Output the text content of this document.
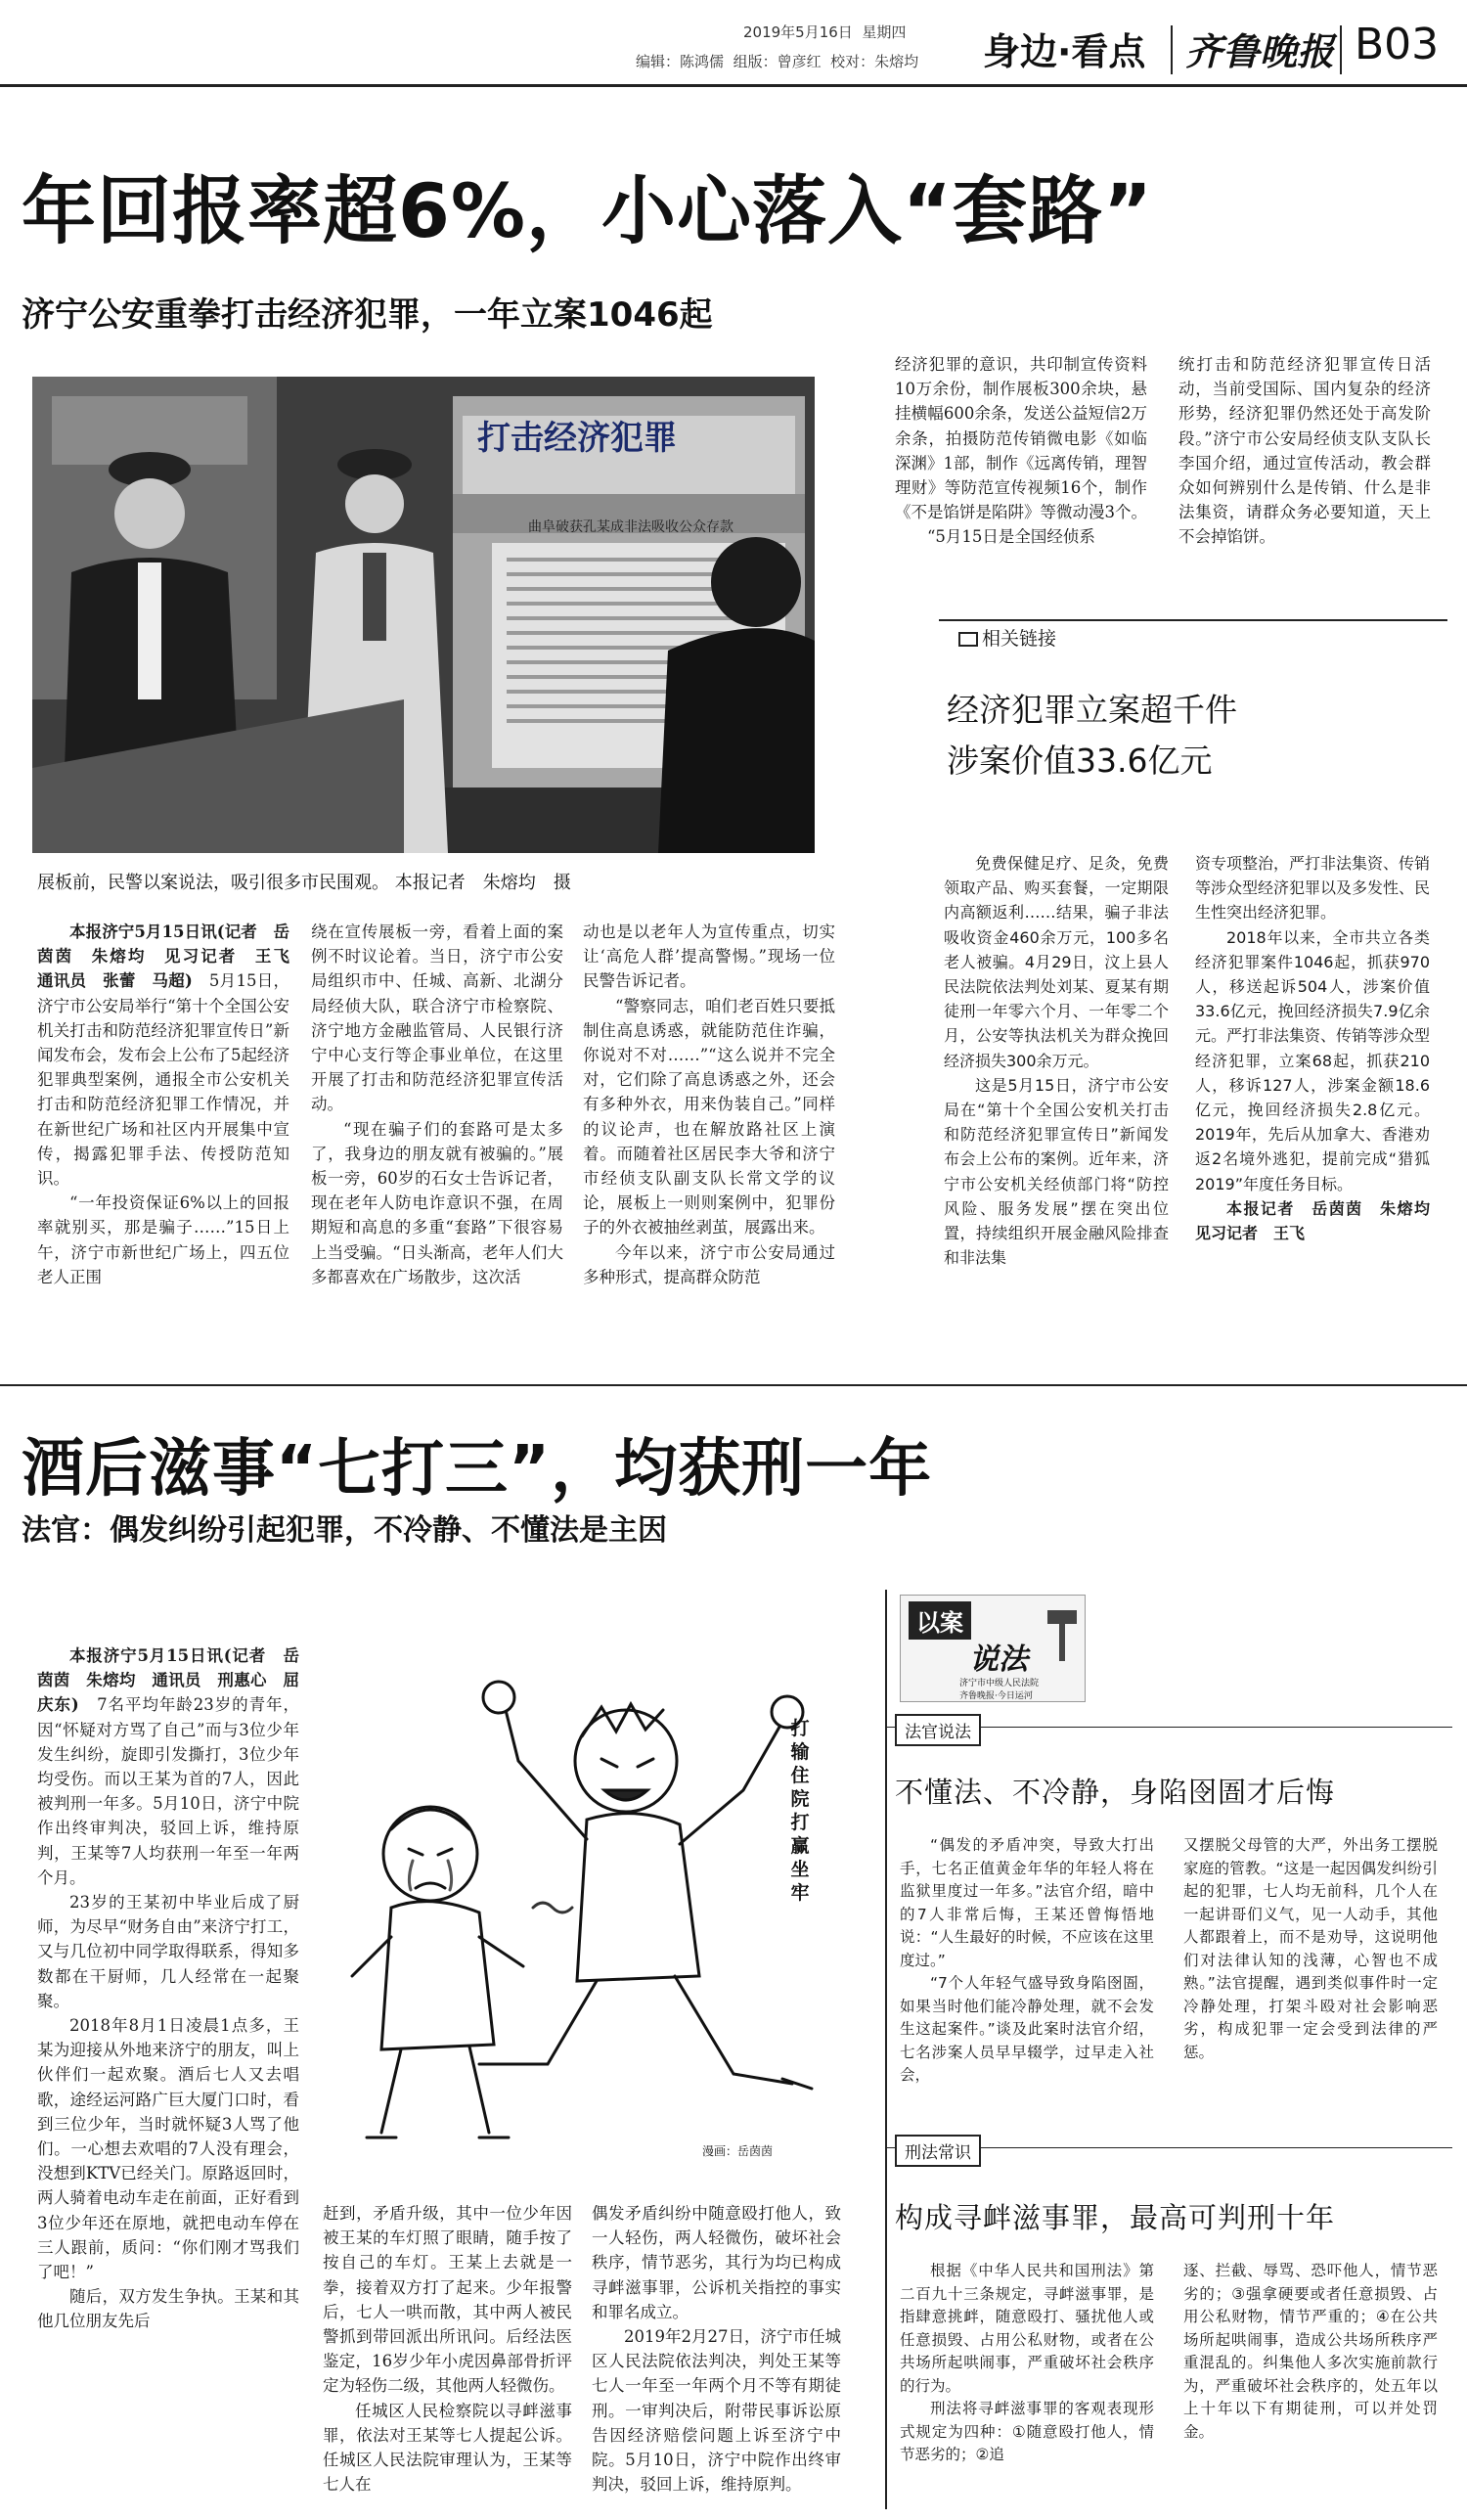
2019年5月16日 星期四
编辑：陈鸿儒 组版：曾彦红 校对：朱熔均 身边·看点 齐鲁晚报 B03
年回报率超6%，小心落入“套路”
济宁公安重拳打击经济犯罪，一年立案1046起
打击经济犯罪
曲阜破获孔某成非法吸收公众存款
展板前，民警以案说法，吸引很多市民围观。 本报记者　朱熔均　摄

本报济宁5月15日讯(记者　岳茵茵　朱熔均　见习记者　王飞　通讯员　张蕾　马超)　 5月15日，济宁市公安局举行“第十个全国公安机关打击和防范经济犯罪宣传日”新闻发布会，发布会上公布了5起经济犯罪典型案例，通报全市公安机关打击和防范经济犯罪工作情况，并在新世纪广场和社区内开展集中宣传，揭露犯罪手法、传授防范知识。

“一年投资保证6%以上的回报率就别买，那是骗子……”15日上午，济宁市新世纪广场上，四五位老人正围

绕在宣传展板一旁，看着上面的案例不时议论着。当日，济宁市公安局组织市中、任城、高新、北湖分局经侦大队，联合济宁市检察院、济宁地方金融监管局、人民银行济宁中心支行等企事业单位，在这里开展了打击和防范经济犯罪宣传活动。

“现在骗子们的套路可是太多了，我身边的朋友就有被骗的。”展板一旁，60岁的石女士告诉记者，现在老年人防电诈意识不强，在周期短和高息的多重“套路”下很容易上当受骗。“日头渐高，老年人们大多都喜欢在广场散步，这次活

动也是以老年人为宣传重点，切实让‘高危人群’提高警惕。”现场一位民警告诉记者。

“警察同志，咱们老百姓只要抵制住高息诱惑，就能防范住诈骗，你说对不对……”“这么说并不完全对，它们除了高息诱惑之外，还会有多种外衣，用来伪装自己。”同样的议论声，也在解放路社区上演着。而随着社区居民李大爷和济宁市经侦支队副支队长常文学的议论，展板上一则则案例中，犯罪份子的外衣被抽丝剥茧，展露出来。

今年以来，济宁市公安局通过多种形式，提高群众防范

经济犯罪的意识，共印制宣传资料10万余份，制作展板300余块，悬挂横幅600余条，发送公益短信2万余条，拍摄防范传销微电影《如临深渊》1部，制作《远离传销，理智理财》等防范宣传视频16个，制作《不是馅饼是陷阱》等微动漫3个。

“5月15日是全国经侦系

统打击和防范经济犯罪宣传日活动，当前受国际、国内复杂的经济形势，经济犯罪仍然还处于高发阶段。”济宁市公安局经侦支队支队长李国介绍，通过宣传活动，教会群众如何辨别什么是传销、什么是非法集资，请群众务必要知道，天上不会掉馅饼。

相关链接
经济犯罪立案超千件
涉案价值33.6亿元

免费保健足疗、足灸，免费领取产品、购买套餐，一定期限内高额返利……结果，骗子非法吸收资金460余万元，100多名老人被骗。4月29日，汶上县人民法院依法判处刘某、夏某有期徒刑一年零六个月、一年零二个月，公安等执法机关为群众挽回经济损失300余万元。

这是5月15日，济宁市公安局在“第十个全国公安机关打击和防范经济犯罪宣传日”新闻发布会上公布的案例。近年来，济宁市公安机关经侦部门将“防控风险、服务发展”摆在突出位置，持续组织开展金融风险排查和非法集

资专项整治，严打非法集资、传销等涉众型经济犯罪以及多发性、民生性突出经济犯罪。

2018年以来，全市共立各类经济犯罪案件1046起，抓获970人，移送起诉504人，涉案价值33.6亿元，挽回经济损失7.9亿余元。严打非法集资、传销等涉众型经济犯罪，立案68起，抓获210人，移诉127人，涉案金额18.6亿元，挽回经济损失2.8亿元。2019年，先后从加拿大、香港劝返2名境外逃犯，提前完成“猎狐2019”年度任务目标。

本报记者　岳茵茵　朱熔均　见习记者　王飞

酒后滋事“七打三”，均获刑一年
法官：偶发纠纷引起犯罪，不冷静、不懂法是主因
打输住院　打赢坐牢
漫画：岳茵茵

本报济宁5月15日讯(记者　岳茵茵　朱熔均　通讯员　刑惠心　屈庆东)　 7名平均年龄23岁的青年，因“怀疑对方骂了自己”而与3位少年发生纠纷，旋即引发撕打，3位少年均受伤。而以王某为首的7人，因此被判刑一年多。5月10日，济宁中院作出终审判决，驳回上诉，维持原判，王某等7人均获刑一年至一年两个月。

23岁的王某初中毕业后成了厨师，为尽早“财务自由”来济宁打工，又与几位初中同学取得联系，得知多数都在干厨师，几人经常在一起聚聚。

2018年8月1日凌晨1点多，王某为迎接从外地来济宁的朋友，叫上伙伴们一起欢聚。酒后七人又去唱歌，途经运河路广巨大厦门口时，看到三位少年，当时就怀疑3人骂了他们。一心想去欢唱的7人没有理会，没想到KTV已经关门。原路返回时，两人骑着电动车走在前面，正好看到3位少年还在原地，就把电动车停在三人跟前，质问：“你们刚才骂我们了吧！”

随后，双方发生争执。王某和其他几位朋友先后

赶到，矛盾升级，其中一位少年因被王某的车灯照了眼睛，随手按了按自己的车灯。王某上去就是一拳，接着双方打了起来。少年报警后，七人一哄而散，其中两人被民警抓到带回派出所讯问。后经法医鉴定，16岁少年小虎因鼻部骨折评定为轻伤二级，其他两人轻微伤。

任城区人民检察院以寻衅滋事罪，依法对王某等七人提起公诉。任城区人民法院审理认为，王某等七人在

偶发矛盾纠纷中随意殴打他人，致一人轻伤，两人轻微伤，破坏社会秩序，情节恶劣，其行为均已构成寻衅滋事罪，公诉机关指控的事实和罪名成立。

2019年2月27日，济宁市任城区人民法院依法判决，判处王某等七人一年至一年两个月不等有期徒刑。一审判决后，附带民事诉讼原告因经济赔偿问题上诉至济宁中院。5月10日，济宁中院作出终审判决，驳回上诉，维持原判。

以案
说法
济宁市中级人民法院
齐鲁晚报·今日运河
法官说法
不懂法、不冷静，身陷囹圄才后悔

“偶发的矛盾冲突，导致大打出手，七名正值黄金年华的年轻人将在监狱里度过一年多。”法官介绍，暗中的7人非常后悔，王某还曾悔悟地说：“人生最好的时候，不应该在这里度过。”

“7个人年轻气盛导致身陷囹圄，如果当时他们能冷静处理，就不会发生这起案件。”谈及此案时法官介绍，七名涉案人员早早辍学，过早走入社会，

又摆脱父母管的大严，外出务工摆脱家庭的管教。“这是一起因偶发纠纷引起的犯罪，七人均无前科，几个人在一起讲哥们义气，见一人动手，其他人都跟着上，而不是劝导，这说明他们对法律认知的浅薄，心智也不成熟。”法官提醒，遇到类似事件时一定冷静处理，打架斗殴对社会影响恶劣，构成犯罪一定会受到法律的严惩。

刑法常识
构成寻衅滋事罪，最高可判刑十年

根据《中华人民共和国刑法》第二百九十三条规定，寻衅滋事罪，是指肆意挑衅，随意殴打、骚扰他人或任意损毁、占用公私财物，或者在公共场所起哄闹事，严重破坏社会秩序的行为。

刑法将寻衅滋事罪的客观表现形式规定为四种：①随意殴打他人，情节恶劣的；②追

逐、拦截、辱骂、恐吓他人，情节恶劣的；③强拿硬要或者任意损毁、占用公私财物，情节严重的；④在公共场所起哄闹事，造成公共场所秩序严重混乱的。纠集他人多次实施前款行为，严重破坏社会秩序的，处五年以上十年以下有期徒刑，可以并处罚金。
